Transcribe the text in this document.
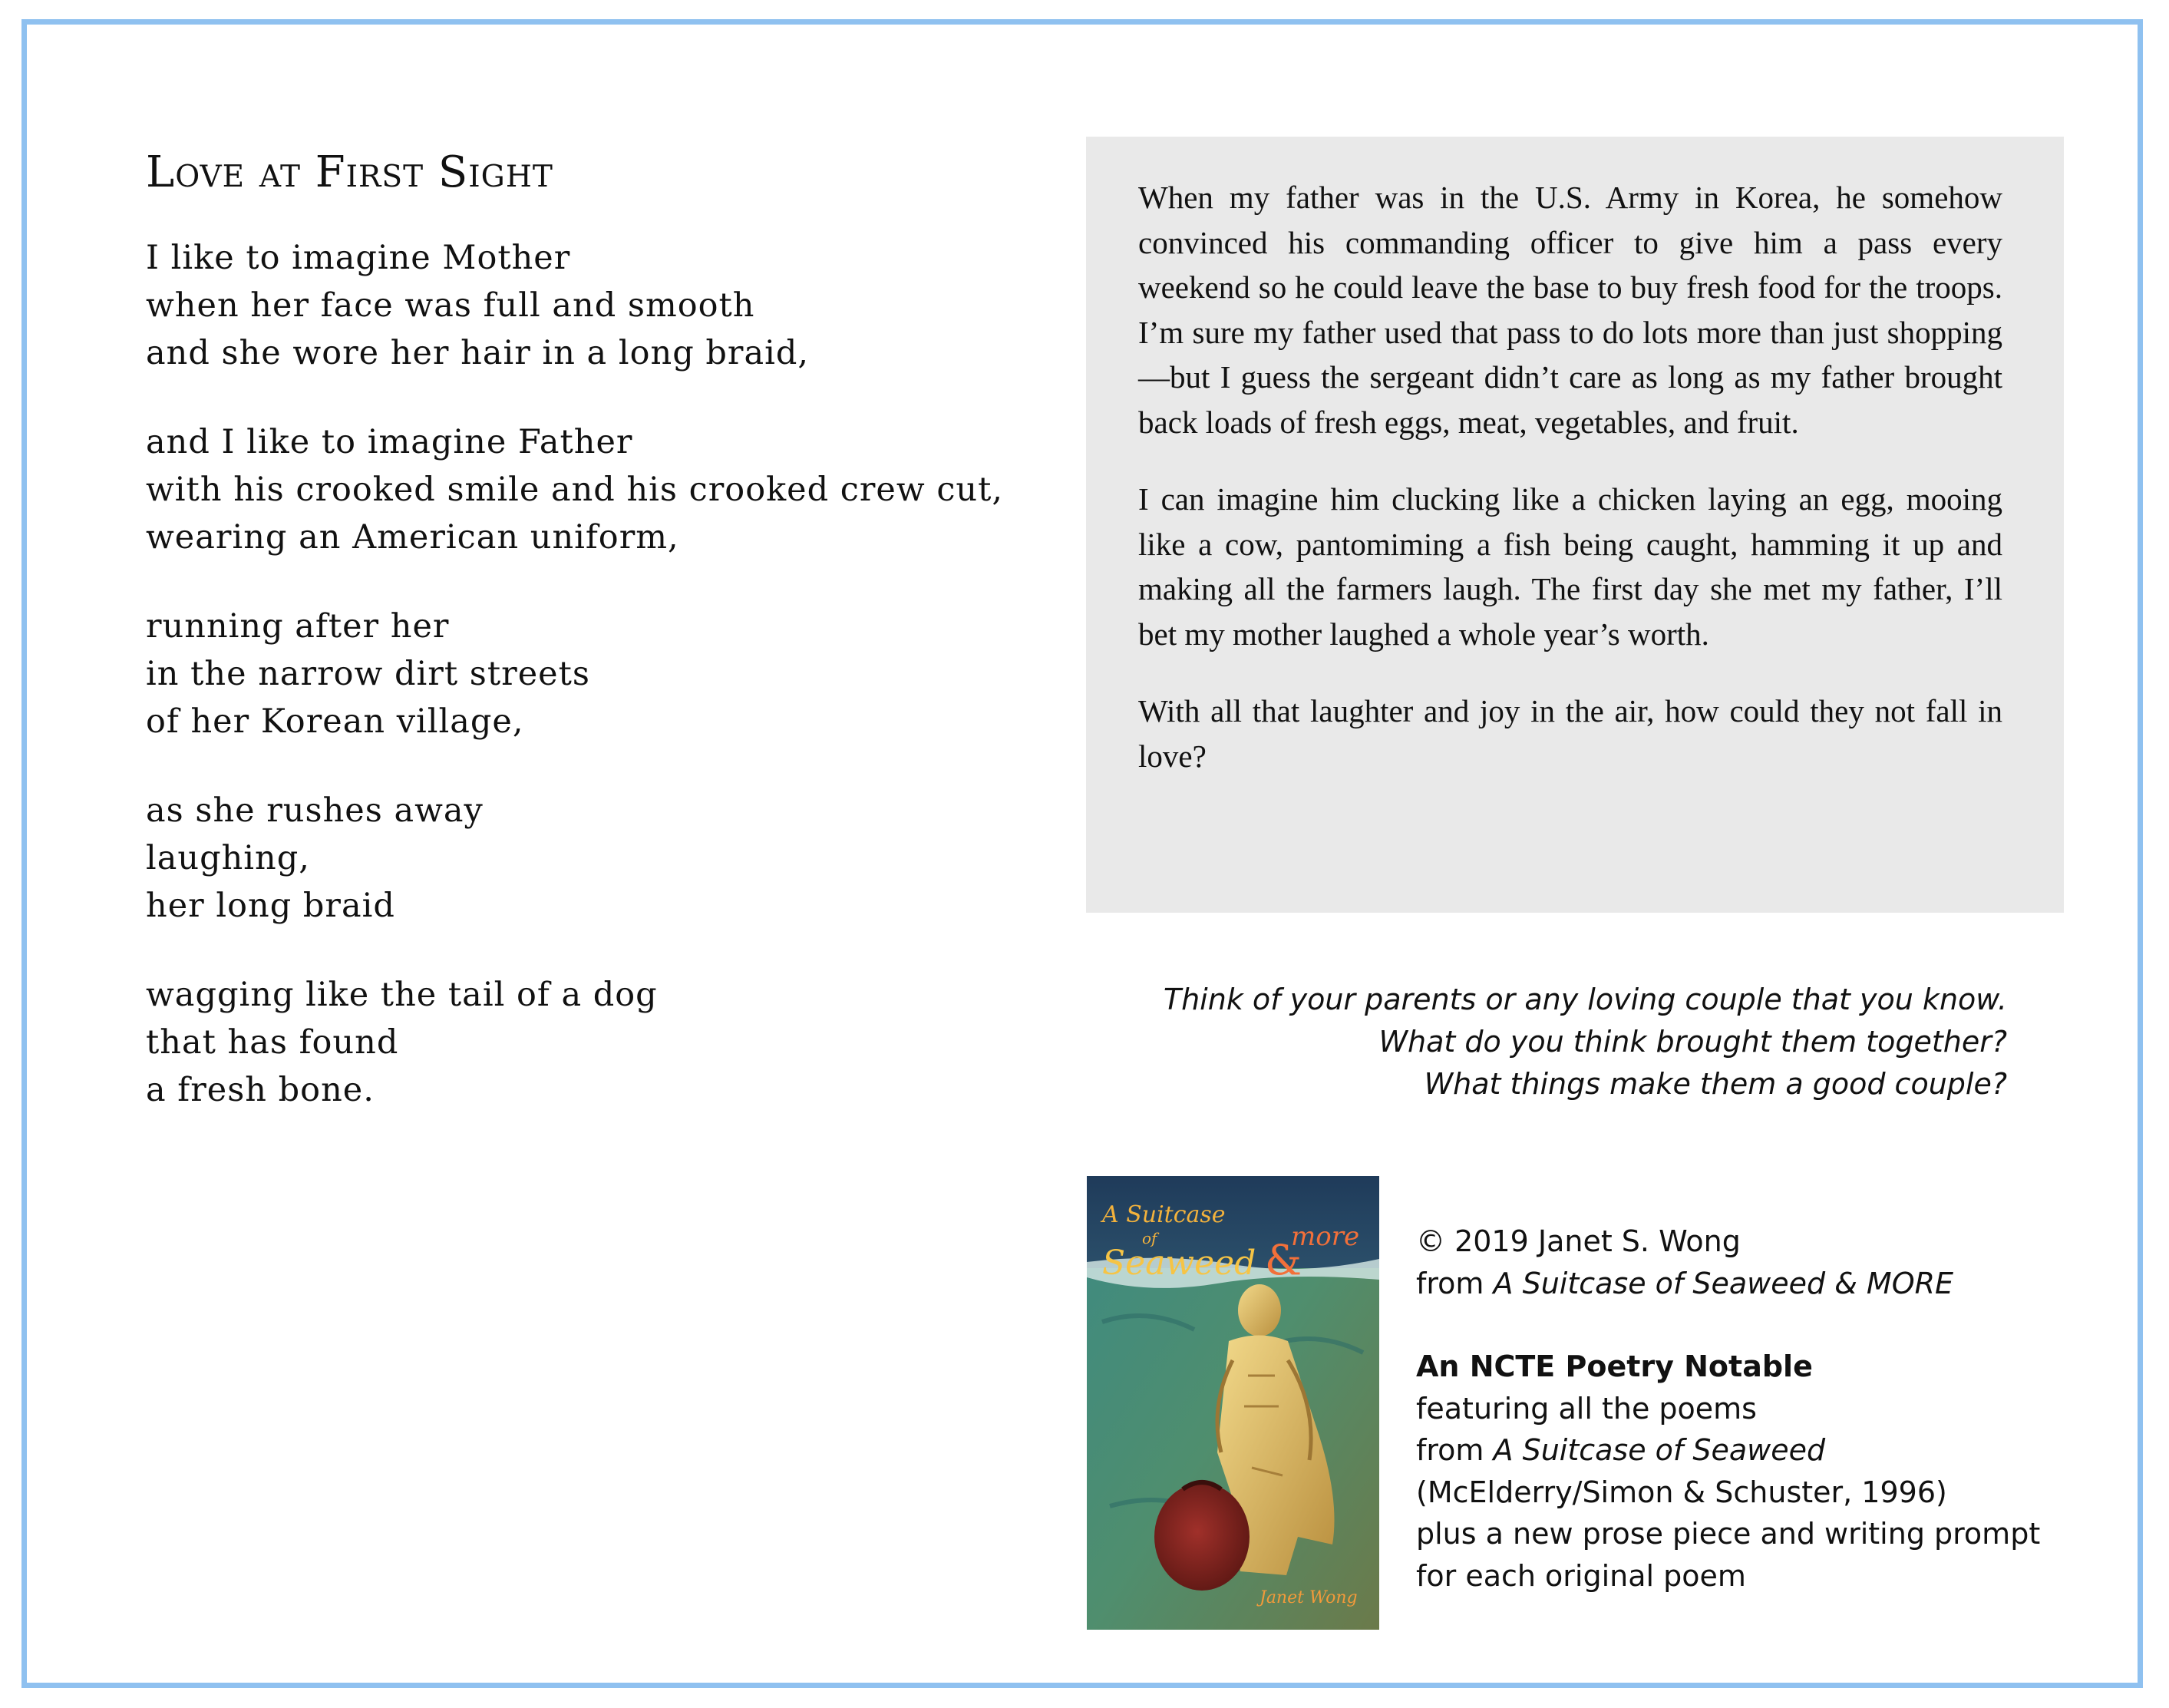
Love at First Sight
I like to imagine Mother
when her face was full and smooth
and she wore her hair in a long braid,
and I like to imagine Father
with his crooked smile and his crooked crew cut,
wearing an American uniform,
running after her
in the narrow dirt streets
of her Korean village,
as she rushes away
laughing,
her long braid
wagging like the tail of a dog
that has found
a fresh bone.

When my father was in the U.S. Army in Korea, he somehow convinced his commanding officer to give him a pass every weekend so he could leave the base to buy fresh food for the troops. I’m sure my father used that pass to do lots more than just shopping—but I guess the sergeant didn’t care as long as my father brought back loads of fresh eggs, meat, vegetables, and fruit.

I can imagine him clucking like a chicken laying an egg, mooing like a cow, pantomiming a fish being caught, hamming it up and making all the farmers laugh. The first day she met my father, I’ll bet my mother laughed a whole year’s worth.

With all that laughter and joy in the air, how could they not fall in love?

Think of your parents or any loving couple that you know.
What do you think brought them together?
What things make them a good couple?
A Suitcase
of
Seaweed &
more
Janet Wong
© 2019 Janet S. Wong
from A Suitcase of Seaweed & MORE
An NCTE Poetry Notable
featuring all the poems
from A Suitcase of Seaweed
(McElderry/Simon & Schuster, 1996)
plus a new prose piece and writing prompt
for each original poem
